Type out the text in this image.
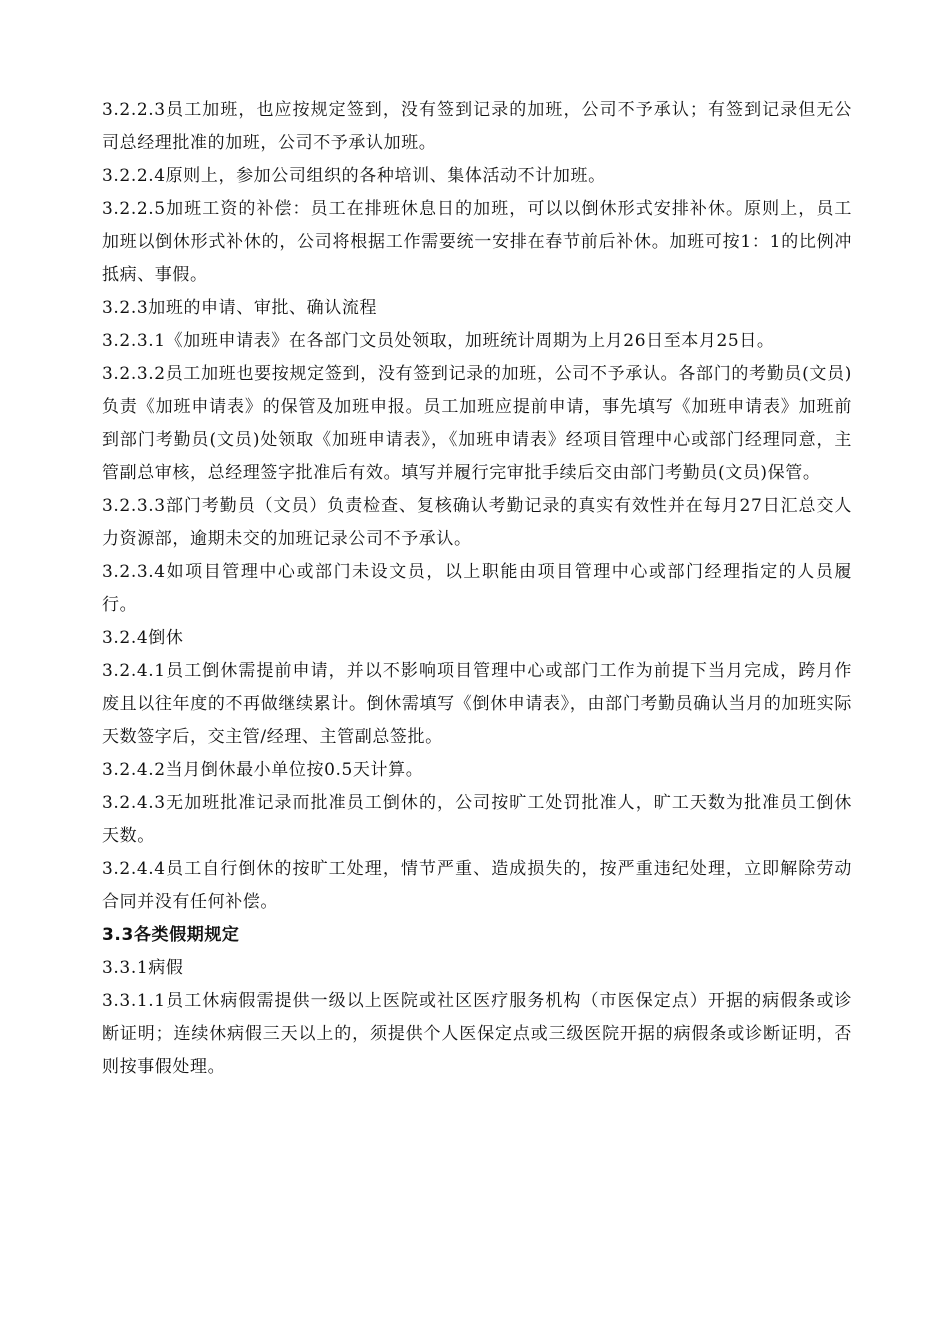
3.2.2.3员工加班，也应按规定签到，没有签到记录的加班，公司不予承认；有签到记录但无公司总经理批准的加班，公司不予承认加班。

3.2.2.4原则上，参加公司组织的各种培训、集体活动不计加班。

3.2.2.5加班工资的补偿：员工在排班休息日的加班，可以以倒休形式安排补休。原则上，员工加班以倒休形式补休的，公司将根据工作需要统一安排在春节前后补休。加班可按1：1的比例冲抵病、事假。

3.2.3加班的申请、审批、确认流程

3.2.3.1《加班申请表》在各部门文员处领取，加班统计周期为上月26日至本月25日。

3.2.3.2员工加班也要按规定签到，没有签到记录的加班，公司不予承认。各部门的考勤员(文员)负责《加班申请表》的保管及加班申报。员工加班应提前申请，事先填写《加班申请表》加班前到部门考勤员(文员)处领取《加班申请表》，《加班申请表》经项目管理中心或部门经理同意，主管副总审核，总经理签字批准后有效。填写并履行完审批手续后交由部门考勤员(文员)保管。

3.2.3.3部门考勤员（文员）负责检查、复核确认考勤记录的真实有效性并在每月27日汇总交人力资源部，逾期未交的加班记录公司不予承认。

3.2.3.4如项目管理中心或部门未设文员，以上职能由项目管理中心或部门经理指定的人员履行。

3.2.4倒休

3.2.4.1员工倒休需提前申请，并以不影响项目管理中心或部门工作为前提下当月完成，跨月作废且以往年度的不再做继续累计。倒休需填写《倒休申请表》，由部门考勤员确认当月的加班实际天数签字后，交主管/经理、主管副总签批。

3.2.4.2当月倒休最小单位按0.5天计算。

3.2.4.3无加班批准记录而批准员工倒休的，公司按旷工处罚批准人，旷工天数为批准员工倒休天数。

3.2.4.4员工自行倒休的按旷工处理，情节严重、造成损失的，按严重违纪处理，立即解除劳动合同并没有任何补偿。

3.3各类假期规定

3.3.1病假

3.3.1.1员工休病假需提供一级以上医院或社区医疗服务机构（市医保定点）开据的病假条或诊断证明；连续休病假三天以上的，须提供个人医保定点或三级医院开据的病假条或诊断证明，否则按事假处理。
